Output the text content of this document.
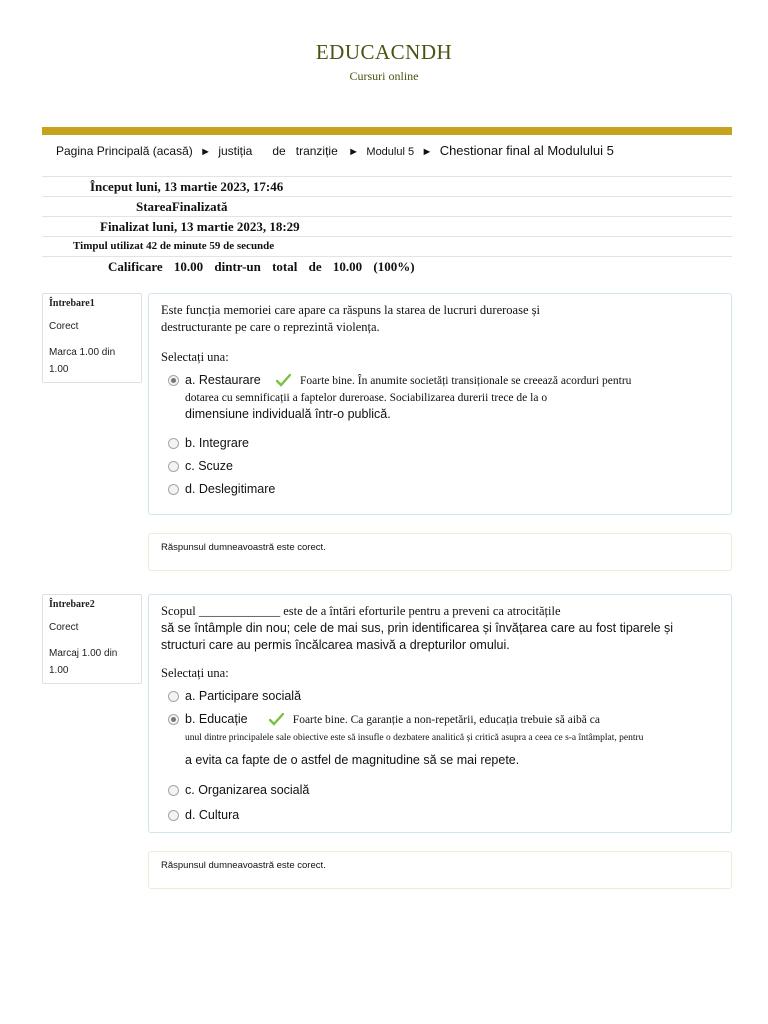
EDUCACNDH
Cursuri online
Pagina Principală (acasă) ► justiția de tranziție  ► Modulul 5 ► Chestionar final al Modulului 5
Început luni, 13 martie 2023, 17:46
StareaFinalizată
Finalizat luni, 13 martie 2023, 18:29
Timpul utilizat 42 de minute 59 de secunde
Calificare 10.00 dintr-un total de 10.00 (100%)
Întrebare1
Corect
Marca 1.00 din 1.00

Este funcția memoriei care apare ca răspuns la starea de lucruri dureroase și
destructurante pe care o reprezintă violența.

Selectați una:
a. Restaurare	Foarte bine. În anumite societăți transiționale se creează acorduri pentru
dotarea cu semnificații a faptelor dureroase. Sociabilizarea durerii trece de la o
dimensiune individuală într-o publică.
b. Integrare
c. Scuze
d. Deslegitimare
Răspunsul dumneavoastră este corect.
Întrebare2
Corect
Marcaj 1.00 din 1.00

Scopul _____________ este de a întări eforturile pentru a preveni ca atrocitățile
să se întâmple din nou; cele de mai sus, prin identificarea și învățarea care au fost tiparele și
structuri care au permis încălcarea masivă a drepturilor omului.

Selectați una:
a. Participare socială
b. Educație	Foarte bine. Ca garanție a non-repetării, educația trebuie să aibă ca
unul dintre principalele sale obiective este să insufle o dezbatere analitică și critică asupra a ceea ce s-a întâmplat, pentru
a evita ca fapte de o astfel de magnitudine să se mai repete.
c. Organizarea socială
d. Cultura
Răspunsul dumneavoastră este corect.
